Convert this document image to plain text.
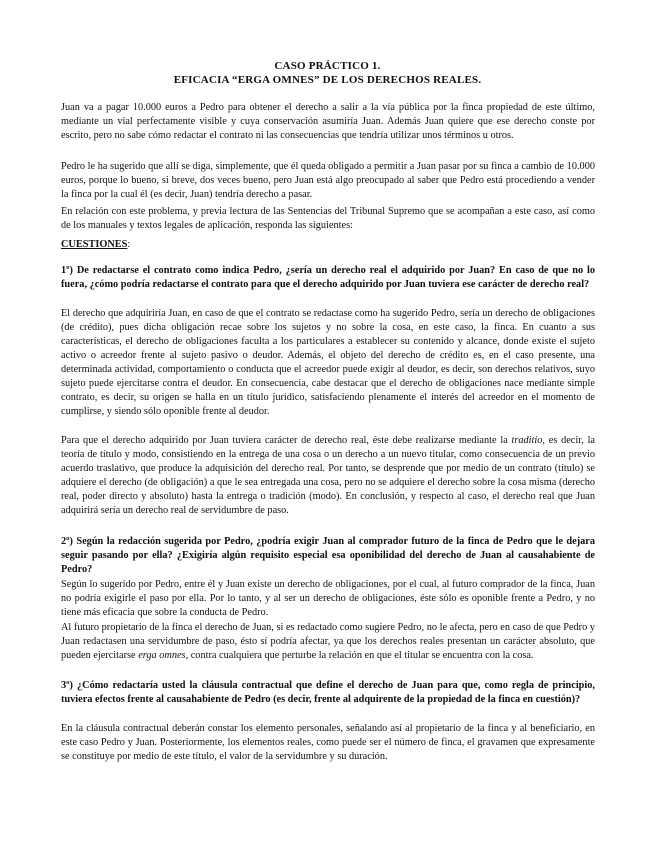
CASO PRÁCTICO 1.
EFICACIA “ERGA OMNES” DE LOS DERECHOS REALES.

Juan va a pagar 10.000 euros a Pedro para obtener el derecho a salir a la vía pública por la finca propiedad de este último, mediante un vial perfectamente visible y cuya conservación asumiría Juan. Además Juan quiere que ese derecho conste por escrito, pero no sabe cómo redactar el contrato ni las consecuencias que tendría utilizar unos términos u otros.

Pedro le ha sugerido que allí se diga, simplemente, que él queda obligado a permitir a Juan pasar por su finca a cambio de 10.000 euros, porque lo bueno, si breve, dos veces bueno, pero Juan está algo preocupado al saber que Pedro está procediendo a vender la finca por la cual él (es decir, Juan) tendría derecho a pasar.

En relación con este problema, y previa lectura de las Sentencias del Tribunal Supremo que se acompañan a este caso, así como de los manuales y textos legales de aplicación, responda las siguientes:

CUESTIONES:

1º) De redactarse el contrato como indica Pedro, ¿sería un derecho real el adquirido por Juan? En caso de que no lo fuera, ¿cómo podría redactarse el contrato para que el derecho adquirido por Juan tuviera ese carácter de derecho real?

El derecho que adquiriría Juan, en caso de que el contrato se redactase como ha sugerido Pedro, sería un derecho de obligaciones (de crédito), pues dicha obligación recae sobre los sujetos y no sobre la cosa, en este caso, la finca. En cuanto a sus características, el derecho de obligaciones faculta a los particulares a establecer su contenido y alcance, donde existe el sujeto activo o acreedor frente al sujeto pasivo o deudor. Además, el objeto del derecho de crédito es, en el caso presente, una determinada actividad, comportamiento o conducta que el acreedor puede exigir al deudor, es decir, son derechos relativos, suyo sujeto puede ejercitarse contra el deudor. En consecuencia, cabe destacar que el derecho de obligaciones nace mediante simple contrato, es decir, su origen se halla en un título jurídico, satisfaciendo plenamente el interés del acreedor en el momento de cumplirse, y siendo sólo oponible frente al deudor.

Para que el derecho adquirido por Juan tuviera carácter de derecho real, éste debe realizarse mediante la traditio, es decir, la teoría de título y modo, consistiendo en la entrega de una cosa o un derecho a un nuevo titular, como consecuencia de un previo acuerdo traslativo, que produce la adquisición del derecho real. Por tanto, se desprende que por medio de un contrato (título) se adquiere el derecho (de obligación) a que le sea entregada una cosa, pero no se adquiere el derecho sobre la cosa misma (derecho real, poder directo y absoluto) hasta la entrega o tradición (modo). En conclusión, y respecto al caso, el derecho real que Juan adquirirá sería un derecho real de servidumbre de paso.

2º) Según la redacción sugerida por Pedro, ¿podría exigir Juan al comprador futuro de la finca de Pedro que le dejara seguir pasando por ella? ¿Exigiría algún requisito especial esa oponibilidad del derecho de Juan al causahabiente de Pedro?

Según lo sugerido por Pedro, entre él y Juan existe un derecho de obligaciones, por el cual, al futuro comprador de la finca, Juan no podría exigirle el paso por ella. Por lo tanto, y al ser un derecho de obligaciones, éste sólo es oponible frente a Pedro, y no tiene más eficacia que sobre la conducta de Pedro.

Al futuro propietario de la finca el derecho de Juan, si es redactado como sugiere Pedro, no le afecta, pero en caso de que Pedro y Juan redactasen una servidumbre de paso, ésto sí podría afectar, ya que los derechos reales presentan un carácter absoluto, que pueden ejercitarse erga omnes, contra cualquiera que perturbe la relación en que el titular se encuentra con la cosa.

3º) ¿Cómo redactaría usted la cláusula contractual que define el derecho de Juan para que, como regla de principio, tuviera efectos frente al causahabiente de Pedro (es decir, frente al adquirente de la propiedad de la finca en cuestión)?

En la cláusula contractual deberán constar los elemento personales, señalando así al propietario de la finca y al beneficiario, en este caso Pedro y Juan. Posteriormente, los elementos reales, como puede ser el número de finca, el gravamen que expresamente se constituye por medio de este título, el valor de la servidumbre y su duración.
